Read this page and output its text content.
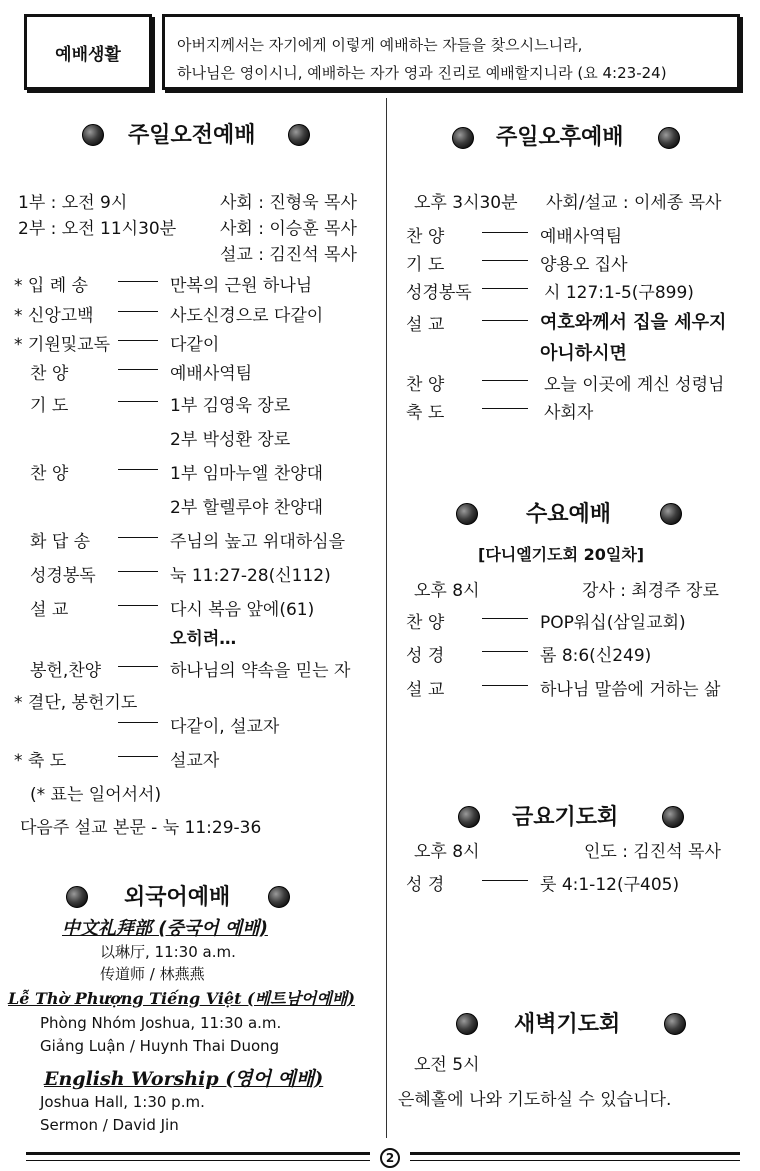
예배생활	아버지께서는 자기에게 이렇게 예배하는 자들을 찾으시느니라,
하나님은 영이시니, 예배하는 자가 영과 진리로 예배할지니라 (요 4:23-24)
주일오전예배
1부 : 오전 9시	사회 : 진형욱 목사
2부 : 오전 11시30분	사회 : 이승훈 목사
설교 : 김진석 목사
* 입 례 송	만복의 근원 하나님
* 신앙고백	사도신경으로 다같이
* 기원및교독	다같이
찬 양	예배사역팀
기 도	1부 김영욱 장로
2부 박성환 장로
찬 양	1부 임마누엘 찬양대
2부 할렐루야 찬양대
화 답 송	주님의 높고 위대하심을
성경봉독	눅 11:27-28(신112)
설 교	다시 복음 앞에(61)
오히려…
봉헌,찬양	하나님의 약속을 믿는 자
* 결단, 봉헌기도
다같이, 설교자
* 축 도	설교자
(* 표는 일어서서)
다음주 설교 본문 - 눅 11:29-36
외국어예배
中文礼拜部 (중국어 예배)
以琳厅, 11:30 a.m.
传道师 / 林燕燕
Lễ Thờ Phượng Tiếng Việt (베트남어예배)
Phòng Nhóm Joshua, 11:30 a.m.
Giảng Luận / Huynh Thai Duong
English Worship (영어 예배)
Joshua Hall, 1:30 p.m.
Sermon / David Jin
주일오후예배
오후 3시30분 사회/설교 : 이세종 목사
찬 양	예배사역팀
기 도	양용오 집사
성경봉독	시 127:1-5(구899)
설 교	여호와께서 집을 세우지
아니하시면
찬 양	오늘 이곳에 계신 성령님
축 도	사회자
수요예배
[다니엘기도회 20일차]
오후 8시	강사 : 최경주 장로
찬 양	POP워십(삼일교회)
성 경	롬 8:6(신249)
설 교	하나님 말씀에 거하는 삶
금요기도회
오후 8시	인도 : 김진석 목사
성 경	룻 4:1-12(구405)
새벽기도회
오전 5시
은혜홀에 나와 기도하실 수 있습니다.
2
